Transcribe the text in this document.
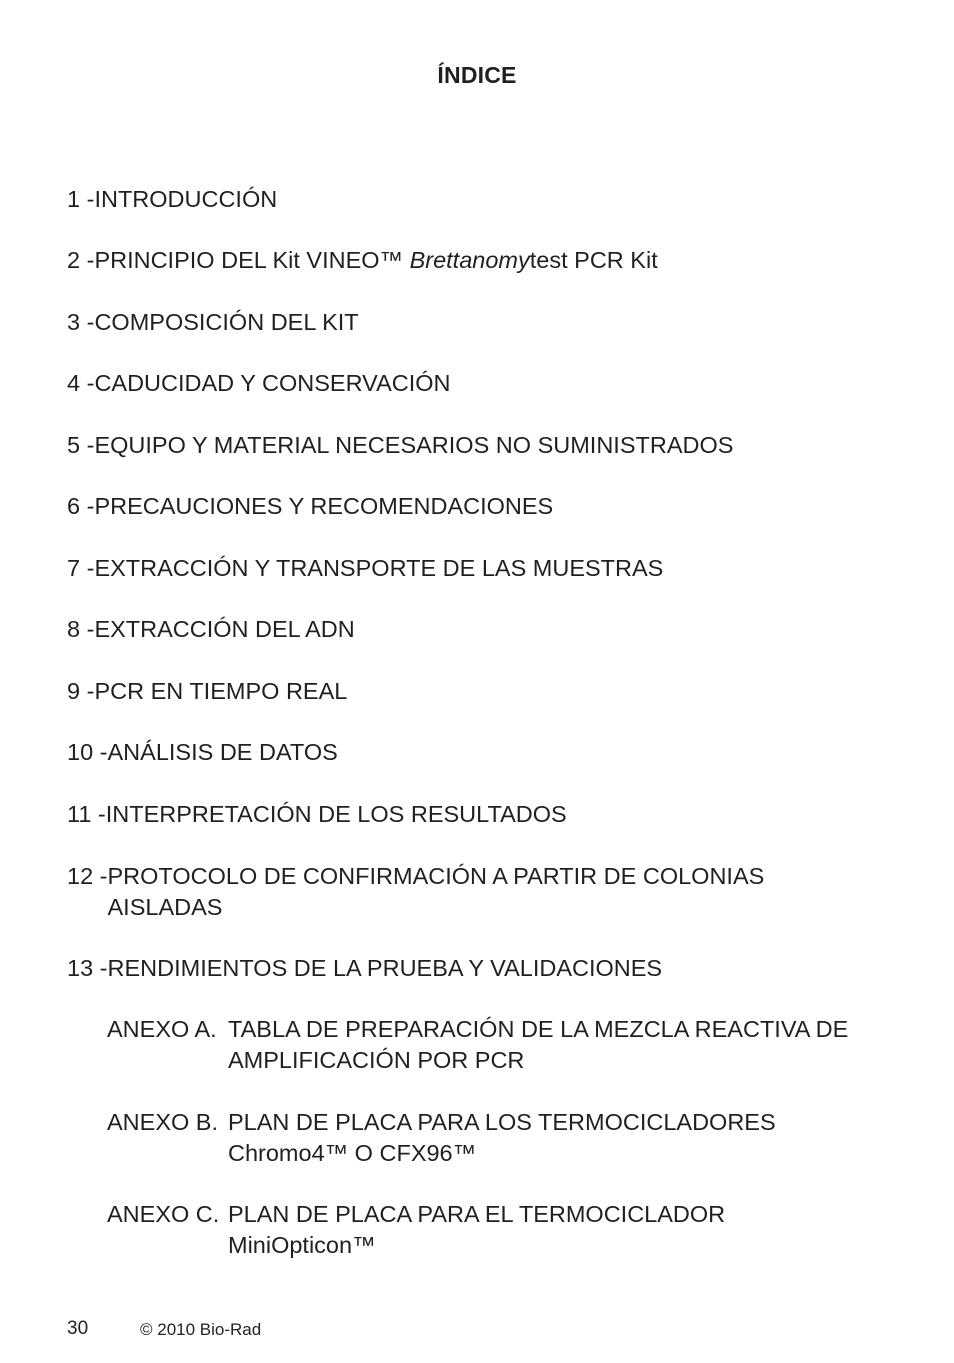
ÍNDICE
1 -INTRODUCCIÓN
2 -PRINCIPIO DEL Kit VINEO™ Brettanomytest PCR Kit
3 -COMPOSICIÓN DEL KIT
4 -CADUCIDAD Y CONSERVACIÓN
5 -EQUIPO Y MATERIAL NECESARIOS NO SUMINISTRADOS
6 -PRECAUCIONES Y RECOMENDACIONES
7 -EXTRACCIÓN Y TRANSPORTE DE LAS MUESTRAS
8 -EXTRACCIÓN DEL ADN
9 -PCR EN TIEMPO REAL
10 -ANÁLISIS DE DATOS
11 -INTERPRETACIÓN DE LOS RESULTADOS
12 -PROTOCOLO DE CONFIRMACIÓN A PARTIR DE COLONIAS
AISLADAS
13 -RENDIMIENTOS DE LA PRUEBA Y VALIDACIONES
ANEXO A. TABLA DE PREPARACIÓN DE LA MEZCLA REACTIVA DE
AMPLIFICACIÓN POR PCR
ANEXO B. PLAN DE PLACA PARA LOS TERMOCICLADORES
Chromo4™ O CFX96™
ANEXO C. PLAN DE PLACA PARA EL TERMOCICLADOR
MiniOpticon™
30	© 2010 Bio-Rad
